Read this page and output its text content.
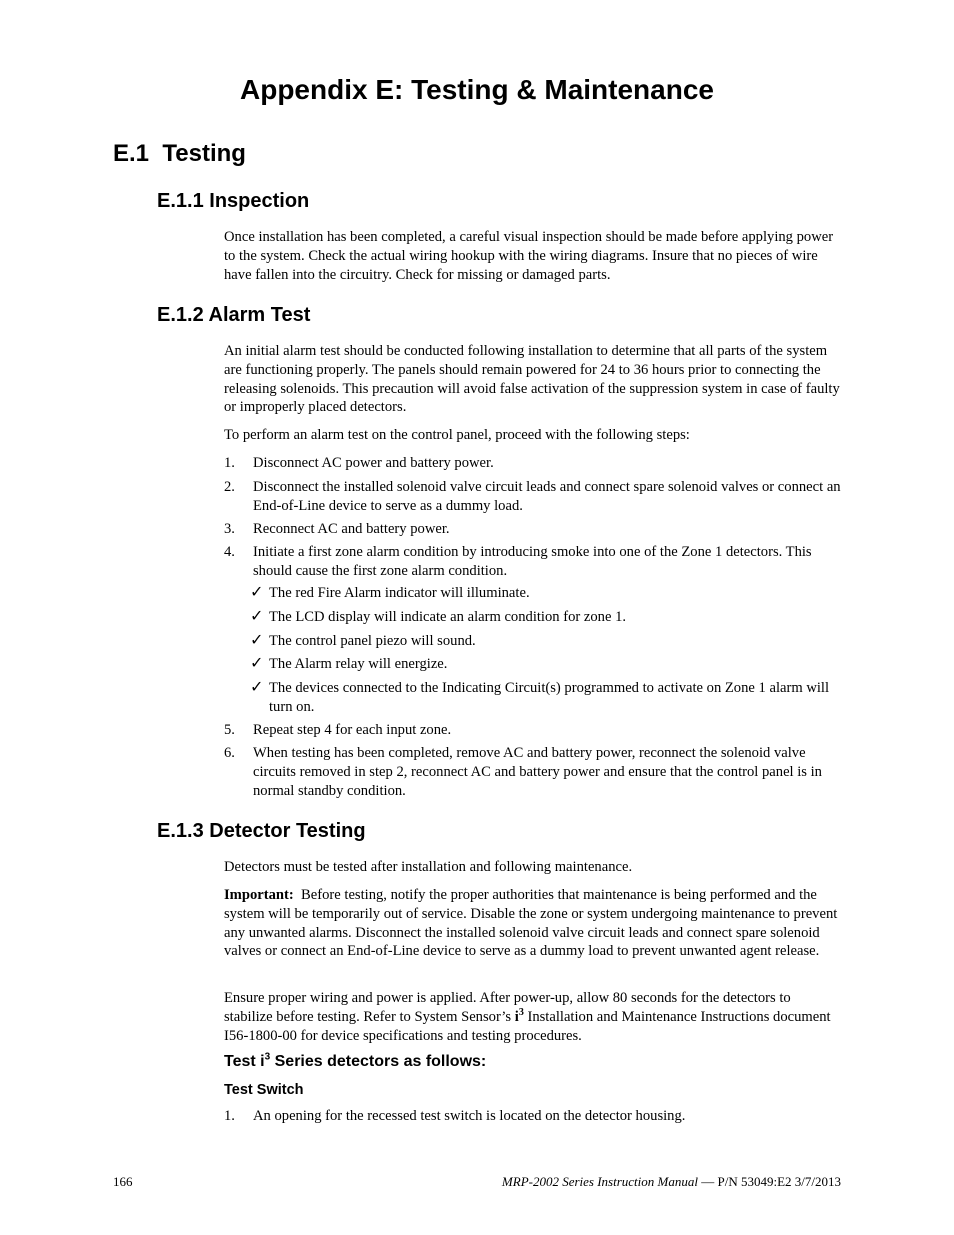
Appendix E: Testing & Maintenance
E.1 Testing
E.1.1 Inspection
Once installation has been completed, a careful visual inspection should be made before applying power to the system. Check the actual wiring hookup with the wiring diagrams. Insure that no pieces of wire have fallen into the circuitry. Check for missing or damaged parts.
E.1.2 Alarm Test
An initial alarm test should be conducted following installation to determine that all parts of the system are functioning properly. The panels should remain powered for 24 to 36 hours prior to connecting the releasing solenoids. This precaution will avoid false activation of the suppression system in case of faulty or improperly placed detectors.
To perform an alarm test on the control panel, proceed with the following steps:
1. Disconnect AC power and battery power.
2. Disconnect the installed solenoid valve circuit leads and connect spare solenoid valves or connect an End-of-Line device to serve as a dummy load.
3. Reconnect AC and battery power.
4. Initiate a first zone alarm condition by introducing smoke into one of the Zone 1 detectors. This should cause the first zone alarm condition.
✓ The red Fire Alarm indicator will illuminate.
✓ The LCD display will indicate an alarm condition for zone 1.
✓ The control panel piezo will sound.
✓ The Alarm relay will energize.
✓ The devices connected to the Indicating Circuit(s) programmed to activate on Zone 1 alarm will turn on.
5. Repeat step 4 for each input zone.
6. When testing has been completed, remove AC and battery power, reconnect the solenoid valve circuits removed in step 2, reconnect AC and battery power and ensure that the control panel is in normal standby condition.
E.1.3 Detector Testing
Detectors must be tested after installation and following maintenance.
Important: Before testing, notify the proper authorities that maintenance is being performed and the system will be temporarily out of service. Disable the zone or system undergoing maintenance to prevent any unwanted alarms. Disconnect the installed solenoid valve circuit leads and connect spare solenoid valves or connect an End-of-Line device to serve as a dummy load to prevent unwanted agent release.
Ensure proper wiring and power is applied. After power-up, allow 80 seconds for the detectors to stabilize before testing. Refer to System Sensor’s $i^3$ Installation and Maintenance Instructions document I56-1800-00 for device specifications and testing procedures.
Test $i^3$ Series detectors as follows:
Test Switch
1. An opening for the recessed test switch is located on the detector housing.
166	MRP-2002 Series Instruction Manual — P/N 53049:E2 3/7/2013
